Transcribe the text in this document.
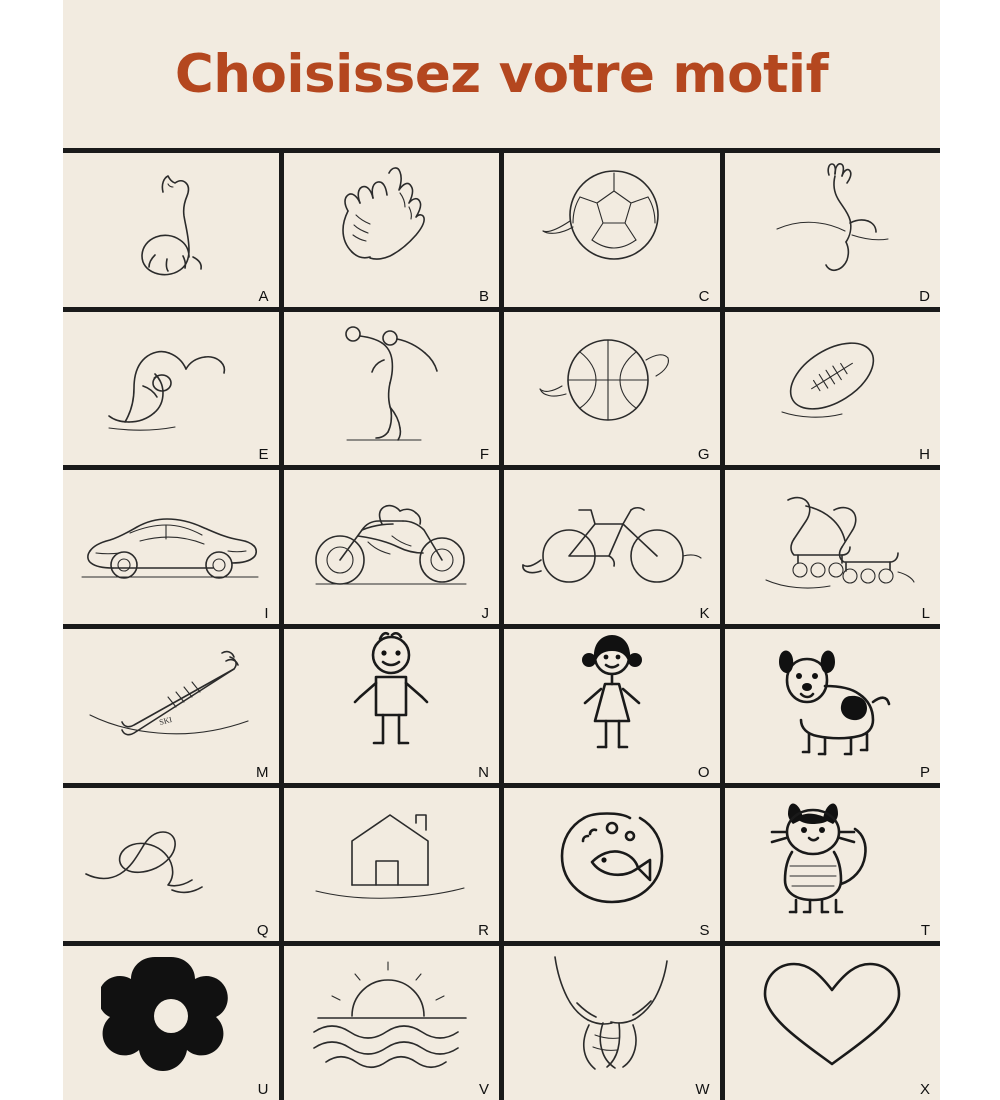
Choisissez votre motif
A	B	C	D
E	F	G	H
I	J	K	L
SKI
M	N	O	P
Q	R	S	T
U	V	W	X
